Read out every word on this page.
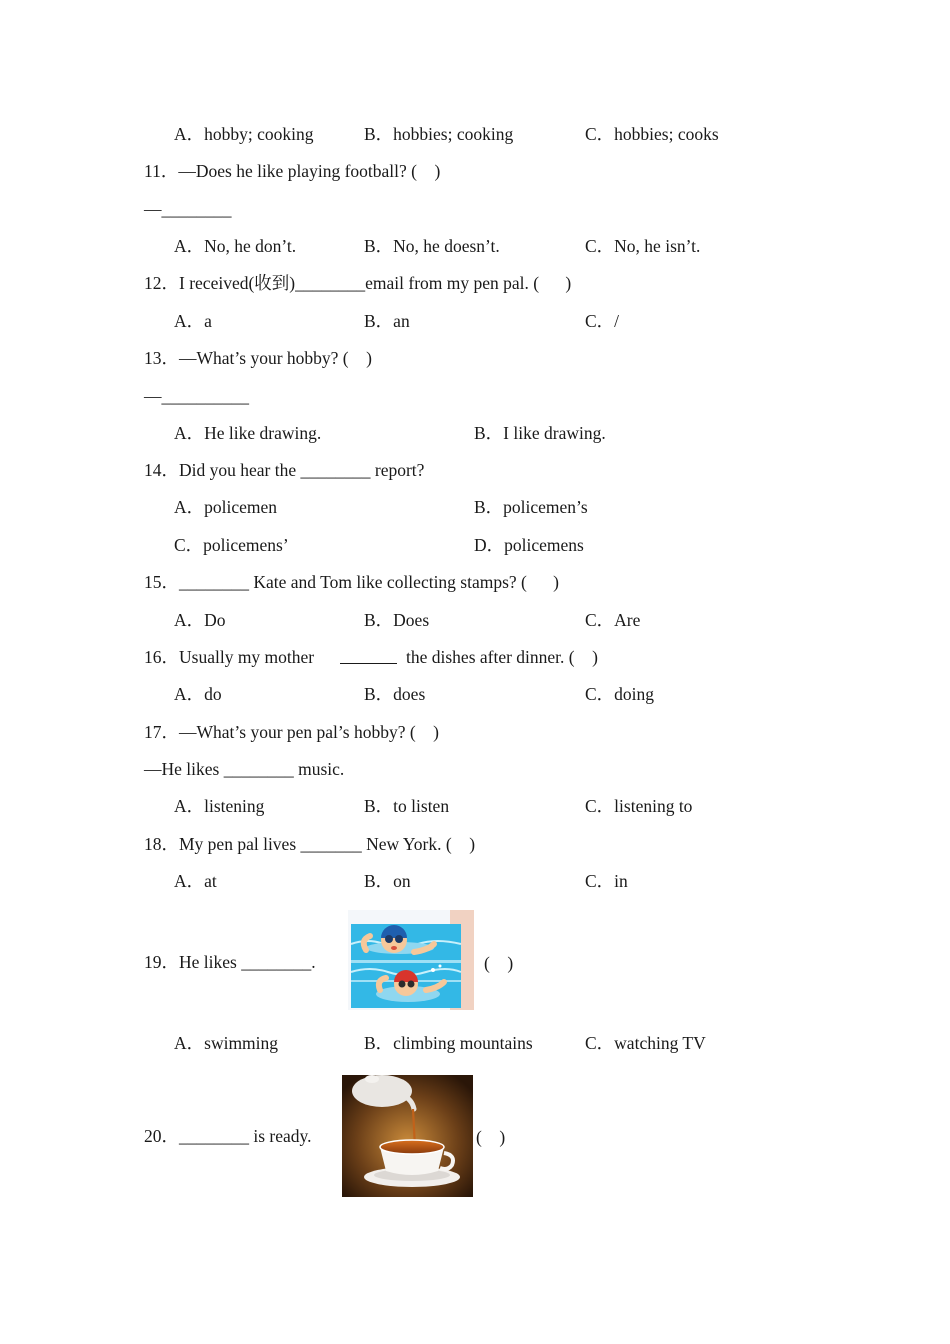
A．hobby; cooking	B．hobbies; cooking	C．hobbies; cooks
11．—Does he like playing football? (    )
—________
A．No, he don’t.	B．No, he doesn’t.	C．No, he isn’t.
12．I received(收到)________email from my pen pal. (      )
A．a	B．an	C．/
13．—What’s your hobby? (    )
—__________
A．He like drawing.	B．I like drawing.
14．Did you hear the ________ report?
A．policemen	B．policemen’s
C．policemens’	D．policemens
15．________ Kate and Tom like collecting stamps? (      )
A．Do	B．Does	C．Are
16．Usually my mother	the dishes after dinner. (    )
A．do	B．does	C．doing
17．—What’s your pen pal’s hobby? (    )
—He likes ________ music.
A．listening	B．to listen	C．listening to
18．My pen pal lives _______ New York. (    )
A．at	B．on	C．in
19．He likes ________.	(    )
A．swimming	B．climbing mountains	C．watching TV
20．________ is ready.	(    )
